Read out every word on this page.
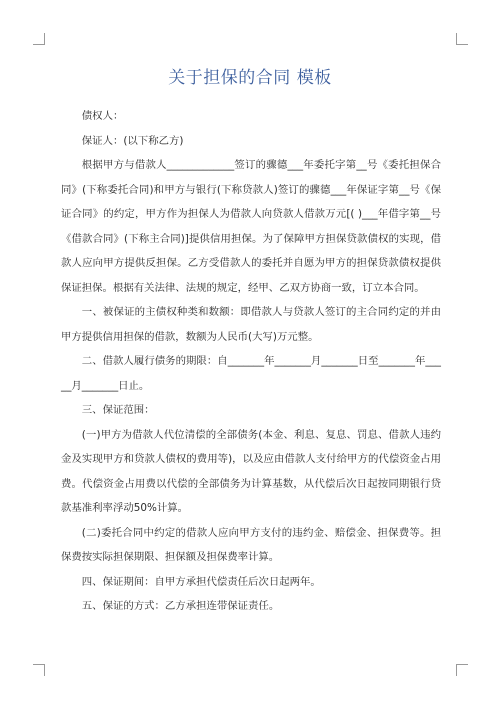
关于担保的合同 模板

债权人：

保证人：(以下称乙方)

根据甲方与借款人_____________签订的骤德___年委托字第__号《委托担保合同》(下称委托合同)和甲方与银行(下称贷款人)签订的骤德___年保证字第__号《保证合同》的约定，甲方作为担保人为借款人向贷款人借款万元[( )___年借字第__号《借款合同》(下称主合同)]提供信用担保。为了保障甲方担保贷款债权的实现，借款人应向甲方提供反担保。乙方受借款人的委托并自愿为甲方的担保贷款债权提供保证担保。根据有关法律、法规的规定，经甲、乙双方协商一致，订立本合同。

一、被保证的主债权种类和数额：即借款人与贷款人签订的主合同约定的并由甲方提供信用担保的借款，数额为人民币(大写)万元整。

二、借款人履行债务的期限：自_______年_______月_______日至_______年_____月_______日止。

三、保证范围：

(一)甲方为借款人代位清偿的全部债务(本金、利息、复息、罚息、借款人违约金及实现甲方和贷款人债权的费用等)，以及应由借款人支付给甲方的代偿资金占用费。代偿资金占用费以代偿的全部债务为计算基数，从代偿后次日起按同期银行贷款基准利率浮动50%计算。

(二)委托合同中约定的借款人应向甲方支付的违约金、赔偿金、担保费等。担保费按实际担保期限、担保额及担保费率计算。

四、保证期间：自甲方承担代偿责任后次日起两年。

五、保证的方式：乙方承担连带保证责任。
